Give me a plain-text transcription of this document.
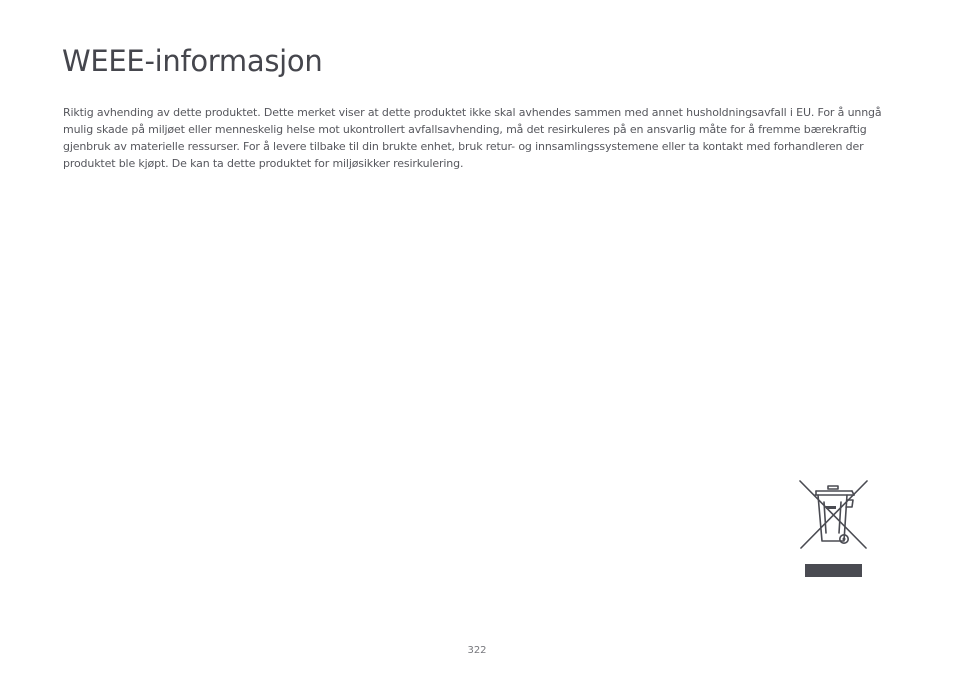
WEEE-informasjon

Riktig avhending av dette produktet. Dette merket viser at dette produktet ikke skal avhendes sammen med annet husholdningsavfall i EU. For å unngå mulig skade på miljøet eller menneskelig helse mot ukontrollert avfallsavhending, må det resirkuleres på en ansvarlig måte for å fremme bærekraftig gjenbruk av materielle ressurser. For å levere tilbake til din brukte enhet, bruk retur- og innsamlingssystemene eller ta kontakt med forhandleren der produktet ble kjøpt. De kan ta dette produktet for miljøsikker resirkulering.

322
